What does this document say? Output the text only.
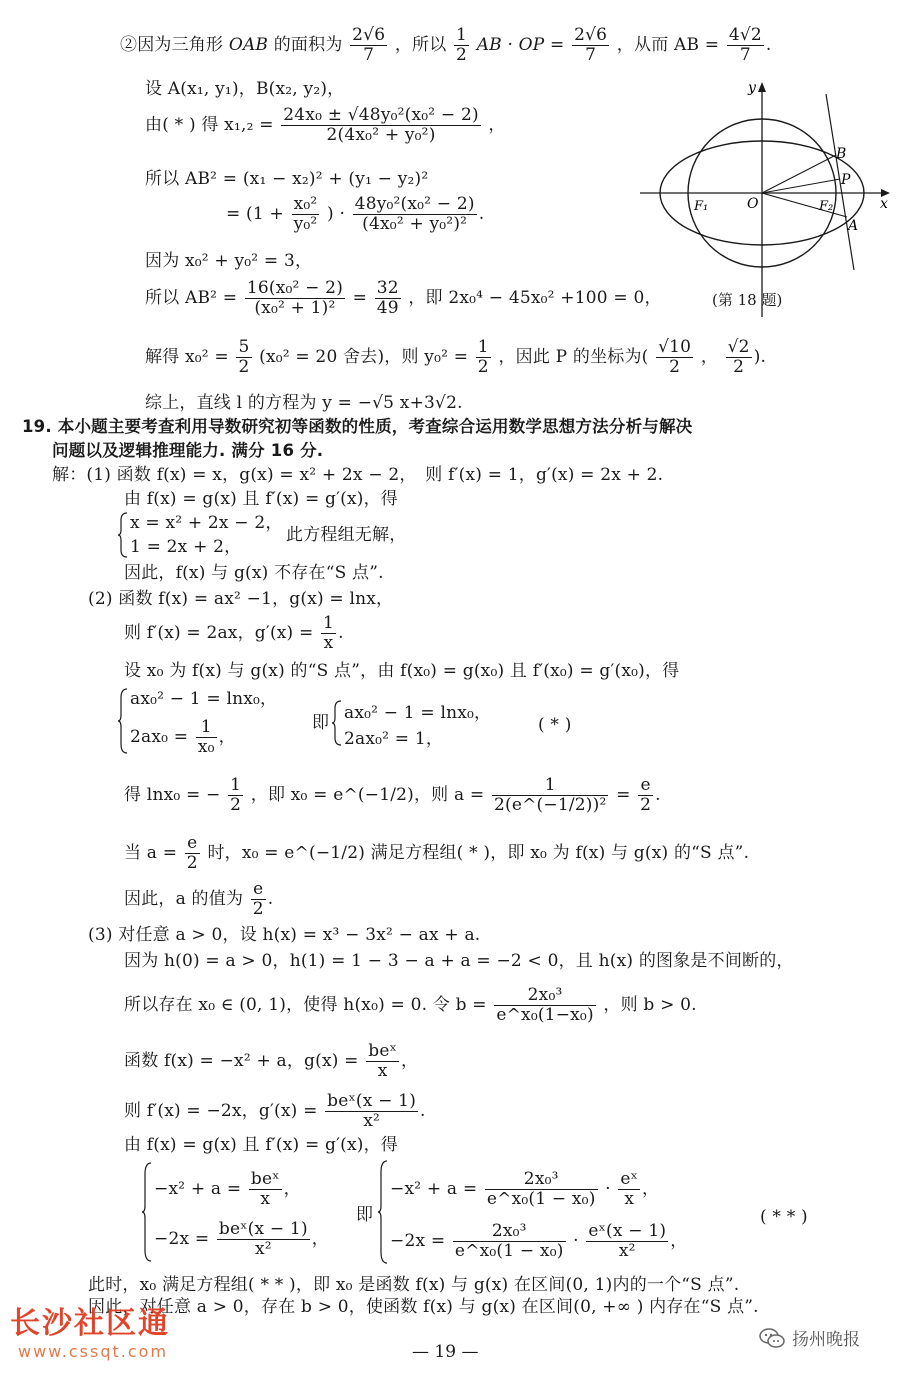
②因为三角形 OAB 的面积为 $\frac{2√6}{7}$ ，所以 $\frac{1}{2}$ AB · OP = $\frac{2√6}{7}$ ，从而 AB = $\frac{4√2}{7}$ .
设 A(x₁, y₁)，B(x₂, y₂)，
由( * ) 得 $x_1,_2 = \frac{\text{24x₀ ± √48y₀²(x₀² − 2)}}{\text{2(4x₀² + y₀²)}}$ ，
所以 AB² = (x₁ − x₂)² + (y₁ − y₂)²
= ($1 + \frac{\text{x₀²}}{\text{y₀²}}$ ) · $\frac{\text{48y₀²(x₀² − 2)}}{\text{(4x₀² + y₀²)²}}$ .
因为 x₀² + y₀² = 3，
所以 $AB^2 = \frac{\text{16(x₀² − 2)}}{\text{(x₀² + 1)²}} = \frac{32}{49}$ ，即 2x₀⁴ − 45x₀² +100 = 0，
解得 $x_0^2 = \frac{5}{2} (x_0^2 = 20$ 舍去)，则 $y_0^2 = \frac{1}{2}$ ，因此 P 的坐标为( $\frac{√10}{2}$ ， $\frac{√2}{2}$ ).
综上，直线 l 的方程为 y = −√5 x+3√2.
y
x
B
P
F₁	O	F₂
A
(第 18 题)
19. 本小题主要考查利用导数研究初等函数的性质，考查综合运用数学思想方法分析与解决
问题以及逻辑推理能力. 满分 16 分.
解：(1) 函数 f(x) = x，g(x) = x² + 2x − 2，　则 f′(x) = 1，g′(x) = 2x + 2.
由 f(x) = g(x) 且 f′(x) = g′(x)，得
x = x² + 2x − 2，
1 = 2x + 2，
此方程组无解，
因此，f(x) 与 g(x) 不存在“S 点”.
(2) 函数 f(x) = ax² −1，g(x) = lnx，
则 f′(x) = 2ax，$g'(x) = \frac{1}{x}$ .
设 x₀ 为 f(x) 与 g(x) 的“S 点”，由 f(x₀) = g(x₀) 且 f′(x₀) = g′(x₀)，得
ax₀² − 1 = lnx₀，
$2ax_0 = \frac{1}{\text{x₀}}$ ，
即 ax₀² − 1 = lnx₀，
2ax₀² = 1，
( * )
得 lnx₀ = − $\frac{1}{2}$ ，即 x₀ = e^(−1/2)，则 $a = \frac{1}{\text{2(e\textasciicircum{}(−1/2))²}} = \frac{e}{2}$ .
当 $a = \frac{e}{2}$ 时，x₀ = e^(−1/2) 满足方程组( * )，即 x₀ 为 f(x) 与 g(x) 的“S 点”.
因此，a 的值为 $\frac{e}{2}$ .
(3) 对任意 a > 0，设 h(x) = x³ − 3x² − ax + a.
因为 h(0) = a > 0，h(1) = 1 − 3 − a + a = −2 < 0，且 h(x) 的图象是不间断的，
所以存在 x₀ ∈ (0, 1)，使得 h(x₀) = 0. 令 $b = \frac{\text{2x₀³}}{\text{e\textasciicircum{}x₀(1−x₀)}}$ ，则 b > 0.
函数 f(x) = −x² + a，$g(x) = \frac{\text{beˣ}}{x}$ ，
则 f′(x) = −2x，$g'(x) = \frac{\text{beˣ(x − 1)}}{\text{x²}}$ .
由 f(x) = g(x) 且 f′(x) = g′(x)，得
$-x^2 + a = \frac{\text{beˣ}}{x}$ ，
$-2x = \frac{\text{beˣ(x − 1)}}{\text{x²}}$ ，
即
$-x^2 + a = \frac{\text{2x₀³}}{\text{e\textasciicircum{}x₀(1 − x₀)}} \cdot \frac{\text{eˣ}}{x}$ ，
$-2x = \frac{\text{2x₀³}}{\text{e\textasciicircum{}x₀(1 − x₀)}} \cdot \frac{\text{eˣ(x − 1)}}{\text{x²}}$ ，
( * * )
此时，x₀ 满足方程组( * * )，即 x₀ 是函数 f(x) 与 g(x) 在区间(0, 1)内的一个“S 点”.
因此，对任意 a > 0，存在 b > 0，使函数 f(x) 与 g(x) 在区间(0, +∞ ) 内存在“S 点”.
— 19 —
长沙社区通
www.cssqt.com
扬州晚报
